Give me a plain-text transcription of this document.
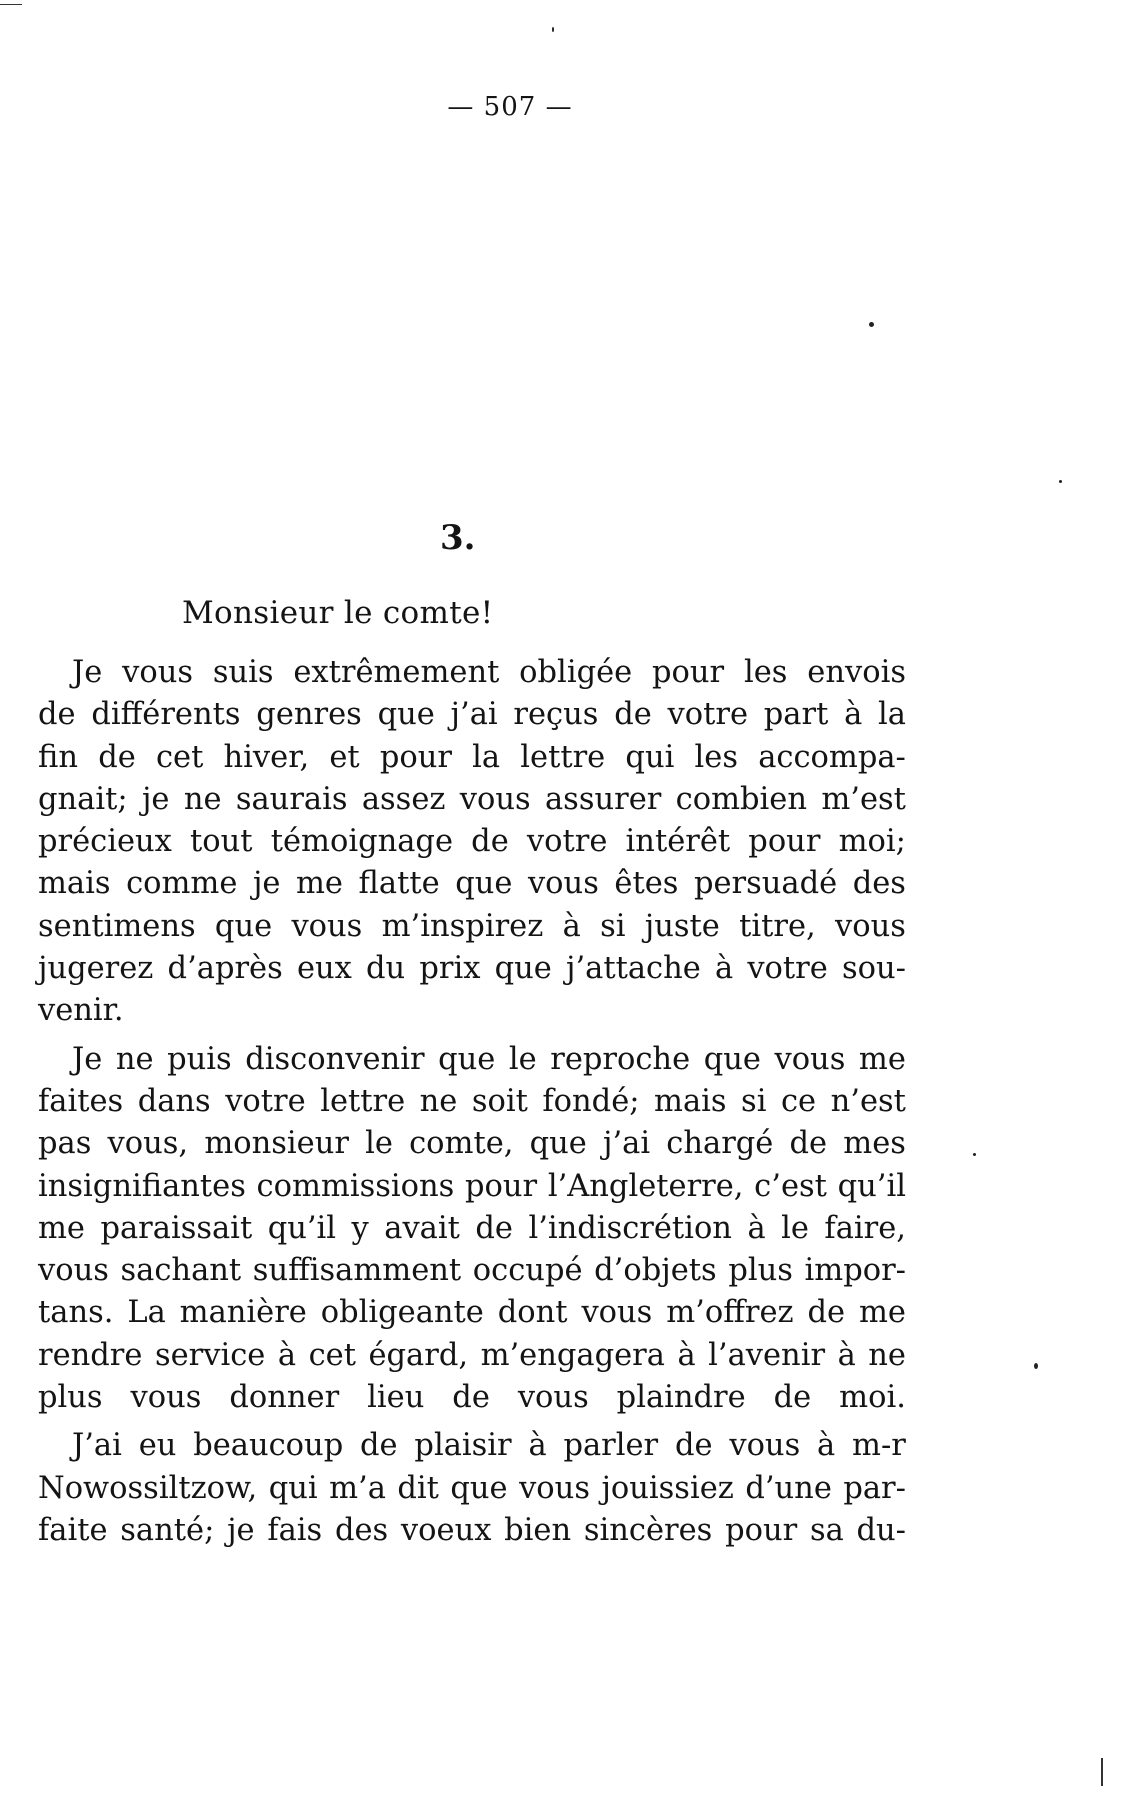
— 507 —
3.
Monsieur le comte!
Je vous suis extrêmement obligée pour les envois
de différents genres que j’ai reçus de votre part à la
fin de cet hiver, et pour la lettre qui les accompa-
gnait; je ne saurais assez vous assurer combien m’est
précieux tout témoignage de votre intérêt pour moi;
mais comme je me flatte que vous êtes persuadé des
sentimens que vous m’inspirez à si juste titre, vous
jugerez d’après eux du prix que j’attache à votre sou-
venir.
Je ne puis disconvenir que le reproche que vous me
faites dans votre lettre ne soit fondé; mais si ce n’est
pas vous, monsieur le comte, que j’ai chargé de mes
insignifiantes commissions pour l’Angleterre, c’est qu’il
me paraissait qu’il y avait de l’indiscrétion à le faire,
vous sachant suffisamment occupé d’objets plus impor-
tans. La manière obligeante dont vous m’offrez de me
rendre service à cet égard, m’engagera à l’avenir à ne
plus vous donner lieu de vous plaindre de moi.
J’ai eu beaucoup de plaisir à parler de vous à m-r
Nowossiltzow, qui m’a dit que vous jouissiez d’une par-
faite santé; je fais des voeux bien sincères pour sa du-
